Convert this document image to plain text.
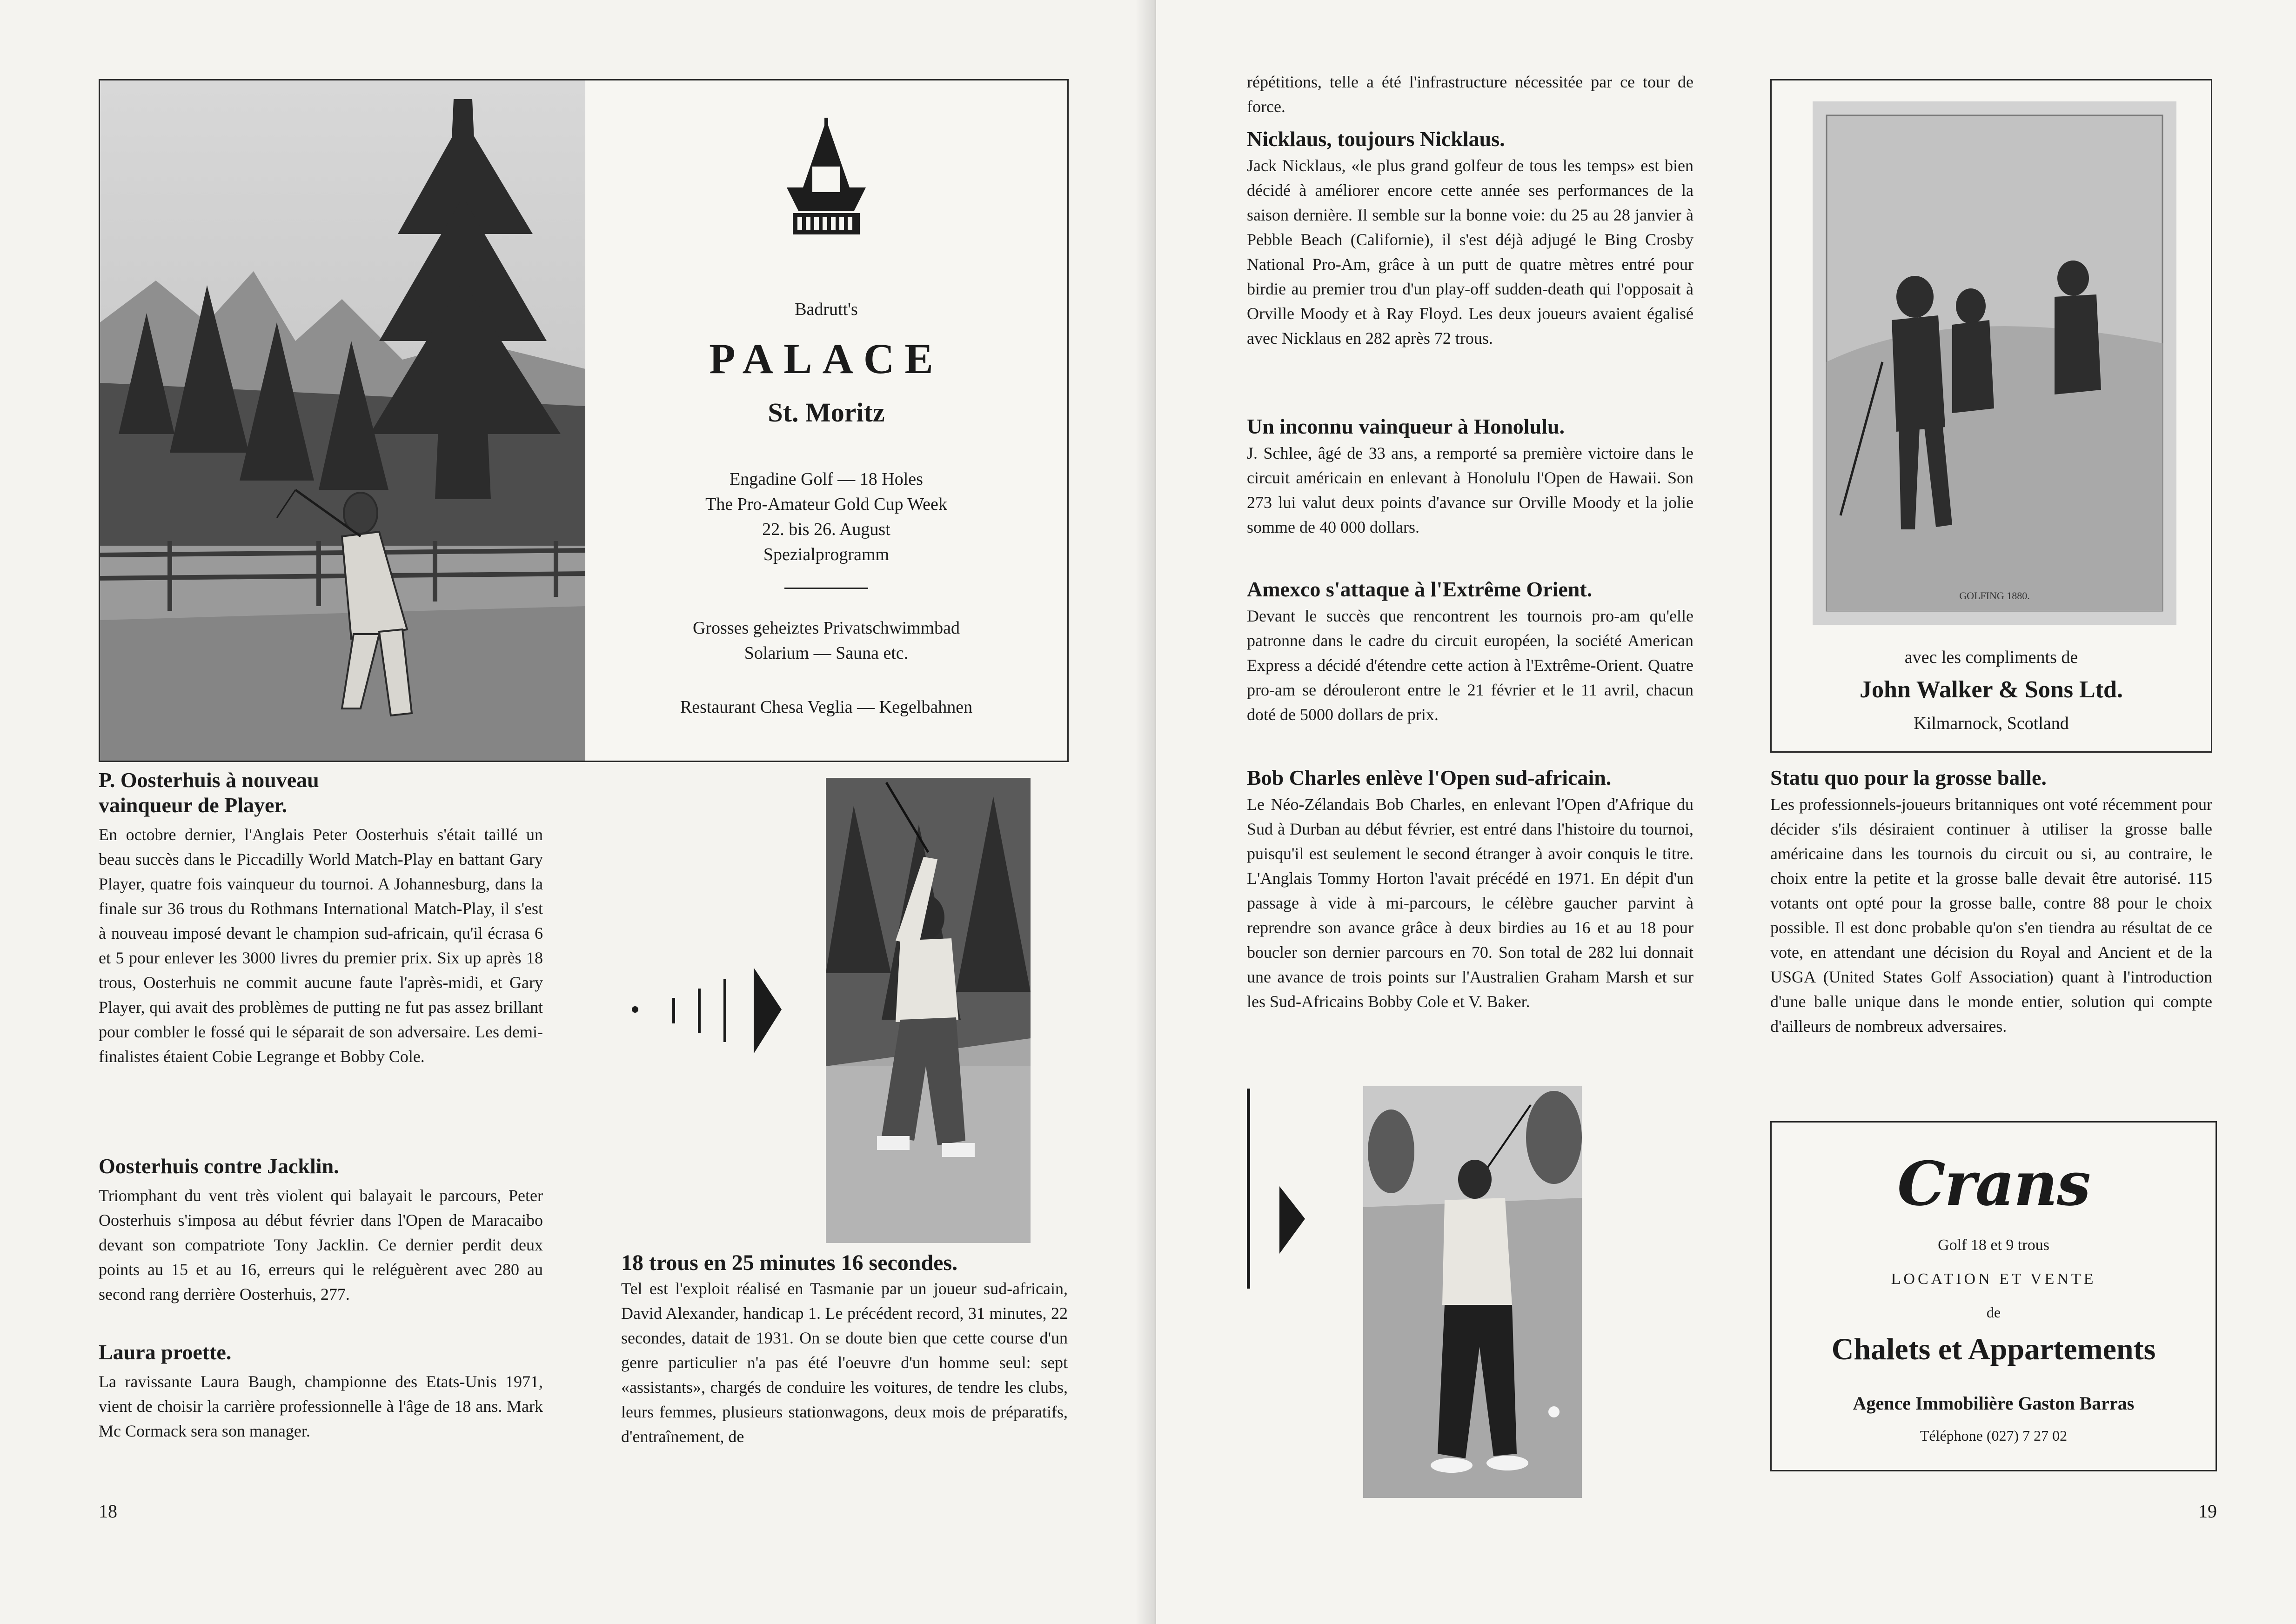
Badrutt's
PALACE
St. Moritz
Engadine Golf — 18 Holes
The Pro-Amateur Gold Cup Week
22. bis 26. August
Spezialprogramm
Grosses geheiztes Privatschwimmbad
Solarium — Sauna etc.
Restaurant Chesa Veglia — Kegelbahnen
P. Oosterhuis à nouveau vainqueur de Player.

En octobre dernier, l'Anglais Peter Oosterhuis s'était taillé un beau succès dans le Piccadilly World Match-Play en battant Gary Player, quatre fois vainqueur du tournoi. A Johannesburg, dans la finale sur 36 trous du Rothmans International Match-Play, il s'est à nouveau imposé devant le champion sud-africain, qu'il écrasa 6 et 5 pour enlever les 3000 livres du premier prix. Six up après 18 trous, Oosterhuis ne commit aucune faute l'après-midi, et Gary Player, qui avait des problèmes de putting ne fut pas assez brillant pour combler le fossé qui le séparait de son adversaire. Les demi-finalistes étaient Cobie Legrange et Bobby Cole.

Oosterhuis contre Jacklin.

Triomphant du vent très violent qui balayait le parcours, Peter Oosterhuis s'imposa au début février dans l'Open de Maracaibo devant son compatriote Tony Jacklin. Ce dernier perdit deux points au 15 et au 16, erreurs qui le reléguèrent avec 280 au second rang derrière Oosterhuis, 277.

Laura proette.

La ravissante Laura Baugh, championne des Etats-Unis 1971, vient de choisir la carrière professionnelle à l'âge de 18 ans. Mark Mc Cormack sera son manager.

18 trous en 25 minutes 16 secondes.

Tel est l'exploit réalisé en Tasmanie par un joueur sud-africain, David Alexander, handicap 1. Le précédent record, 31 minutes, 22 secondes, datait de 1931. On se doute bien que cette course d'un genre particulier n'a pas été l'oeuvre d'un homme seul: sept «assistants», chargés de conduire les voitures, de tendre les clubs, leurs femmes, plusieurs stationwagons, deux mois de préparatifs, d'entraînement, de

18

répétitions, telle a été l'infrastructure nécessitée par ce tour de force.

Nicklaus, toujours Nicklaus.

Jack Nicklaus, «le plus grand golfeur de tous les temps» est bien décidé à améliorer encore cette année ses performances de la saison dernière. Il semble sur la bonne voie: du 25 au 28 janvier à Pebble Beach (Californie), il s'est déjà adjugé le Bing Crosby National Pro-Am, grâce à un putt de quatre mètres entré pour birdie au premier trou d'un play-off sudden-death qui l'opposait à Orville Moody et à Ray Floyd. Les deux joueurs avaient égalisé avec Nicklaus en 282 après 72 trous.

Un inconnu vainqueur à Honolulu.

J. Schlee, âgé de 33 ans, a remporté sa première victoire dans le circuit américain en enlevant à Honolulu l'Open de Hawaii. Son 273 lui valut deux points d'avance sur Orville Moody et la jolie somme de 40 000 dollars.

Amexco s'attaque à l'Extrême Orient.

Devant le succès que rencontrent les tournois pro-am qu'elle patronne dans le cadre du circuit européen, la société American Express a décidé d'étendre cette action à l'Extrême-Orient. Quatre pro-am se dérouleront entre le 21 février et le 11 avril, chacun doté de 5000 dollars de prix.

Bob Charles enlève l'Open sud-africain.

Le Néo-Zélandais Bob Charles, en enlevant l'Open d'Afrique du Sud à Durban au début février, est entré dans l'histoire du tournoi, puisqu'il est seulement le second étranger à avoir conquis le titre. L'Anglais Tommy Horton l'avait précédé en 1971. En dépit d'un passage à vide à mi-parcours, le célèbre gaucher parvint à reprendre son avance grâce à deux birdies au 16 et au 18 pour boucler son dernier parcours en 70. Son total de 282 lui donnait une avance de trois points sur l'Australien Graham Marsh et sur les Sud-Africains Bobby Cole et V. Baker.

GOLFING 1880.
avec les compliments de
John Walker & Sons Ltd.
Kilmarnock, Scotland
Statu quo pour la grosse balle.

Les professionnels-joueurs britanniques ont voté récemment pour décider s'ils désiraient continuer à utiliser la grosse balle américaine dans les tournois du circuit ou si, au contraire, le choix entre la petite et la grosse balle devait être autorisé. 115 votants ont opté pour la grosse balle, contre 88 pour le choix possible. Il est donc probable qu'on s'en tiendra au résultat de ce vote, en attendant une décision du Royal and Ancient et de la USGA (United States Golf Association) quant à l'introduction d'une balle unique dans le monde entier, solution qui compte d'ailleurs de nombreux adversaires.

Crans
Golf 18 et 9 trous
LOCATION ET VENTE
de
Chalets et Appartements
Agence Immobilière Gaston Barras
Téléphone (027) 7 27 02
19
